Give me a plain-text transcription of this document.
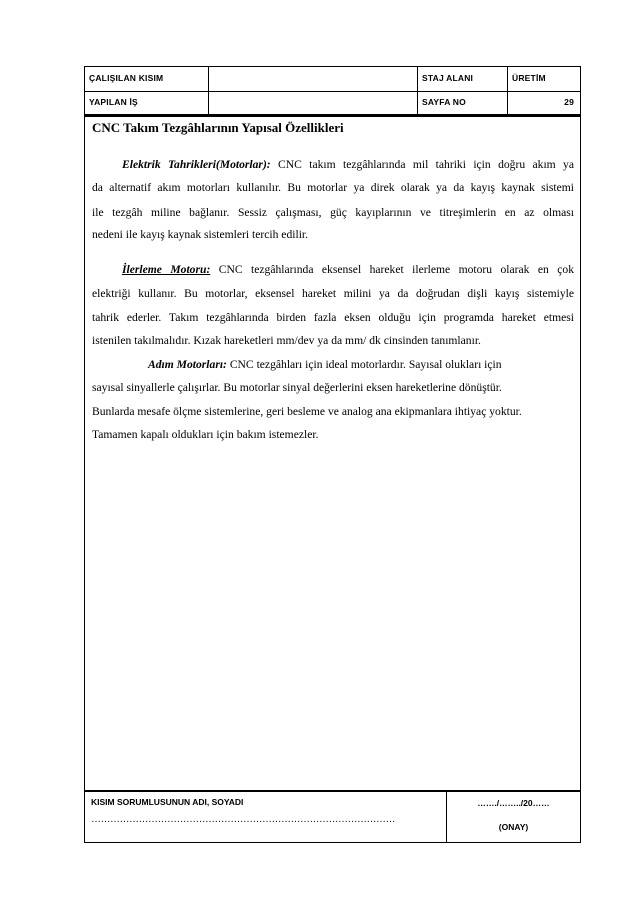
ÇALIŞILAN KISIM	STAJ ALANI	ÜRETİM
YAPILAN İŞ	SAYFA NO	29
CNC Takım Tezgâhlarının Yapısal Özellikleri
Elektrik Tahrikleri(Motorlar): CNC takım tezgâhlarında mil tahriki için doğru akım ya
da alternatif akım motorları kullanılır. Bu motorlar ya direk olarak ya da kayış kaynak sistemi
ile tezgâh miline bağlanır. Sessiz çalışması, güç kayıplarının ve titreşimlerin en az olması
nedeni ile kayış kaynak sistemleri tercih edilir.
İlerleme Motoru: CNC tezgâhlarında eksensel hareket ilerleme motoru olarak en çok
elektriği kullanır. Bu motorlar, eksensel hareket milini ya da doğrudan dişli kayış sistemiyle
tahrik ederler. Takım tezgâhlarında birden fazla eksen olduğu için programda hareket etmesi
istenilen takılmalıdır. Kızak hareketleri mm/dev ya da mm/ dk cinsinden tanımlanır.
Adım Motorları: CNC tezgâhları için ideal motorlardır. Sayısal olukları için
sayısal sinyallerle çalışırlar. Bu motorlar sinyal değerlerini eksen hareketlerine dönüştür.
Bunlarda mesafe ölçme sistemlerine, geri besleme ve analog ana ekipmanlara ihtiyaç yoktur.
Tamamen kapalı oldukları için bakım istemezler.
KISIM SORUMLUSUNUN ADI, SOYADI
……………………………………………………………………………………
……./……../20……
(ONAY)
